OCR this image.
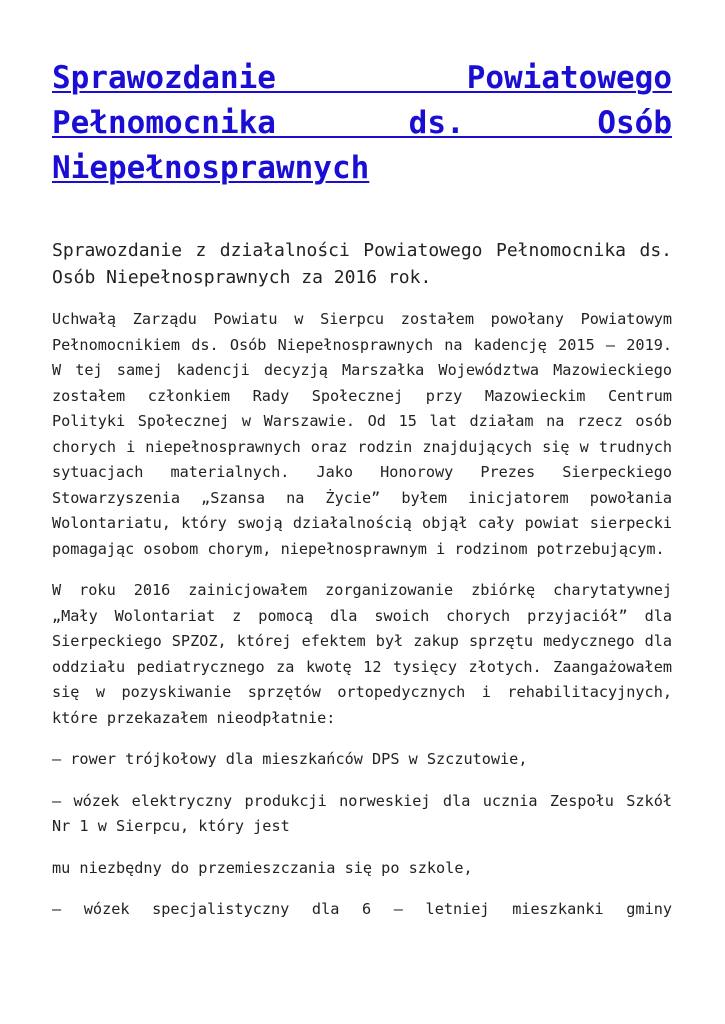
Sprawozdanie Powiatowego Pełnomocnika ds. Osób Niepełnosprawnych
Sprawozdanie z działalności Powiatowego Pełnomocnika ds. Osób Niepełnosprawnych za 2016 rok.

Uchwałą Zarządu Powiatu w Sierpcu zostałem powołany Powiatowym Pełnomocnikiem ds. Osób Niepełnosprawnych na kadencję 2015 – 2019. W tej samej kadencji decyzją Marszałka Województwa Mazowieckiego zostałem członkiem Rady Społecznej przy Mazowieckim Centrum Polityki Społecznej w Warszawie. Od 15 lat działam na rzecz osób chorych i niepełnosprawnych oraz rodzin znajdujących się w trudnych sytuacjach materialnych. Jako Honorowy Prezes Sierpeckiego Stowarzyszenia „Szansa na Życie” byłem inicjatorem powołania Wolontariatu, który swoją działalnością objął cały powiat sierpecki pomagając osobom chorym, niepełnosprawnym i rodzinom potrzebującym.

W roku 2016 zainicjowałem zorganizowanie zbiórkę charytatywnej „Mały Wolontariat z pomocą dla swoich chorych przyjaciół” dla Sierpeckiego SPZOZ, której efektem był zakup sprzętu medycznego dla oddziału pediatrycznego za kwotę 12 tysięcy złotych. Zaangażowałem się w pozyskiwanie sprzętów ortopedycznych i rehabilitacyjnych, które przekazałem nieodpłatnie:

– rower trójkołowy dla mieszkańców DPS w Szczutowie,

– wózek elektryczny produkcji norweskiej dla ucznia Zespołu Szkół Nr 1 w Sierpcu, który jest

mu niezbędny do przemieszczania się po szkole,

– wózek specjalistyczny dla 6 – letniej mieszkanki gminy
